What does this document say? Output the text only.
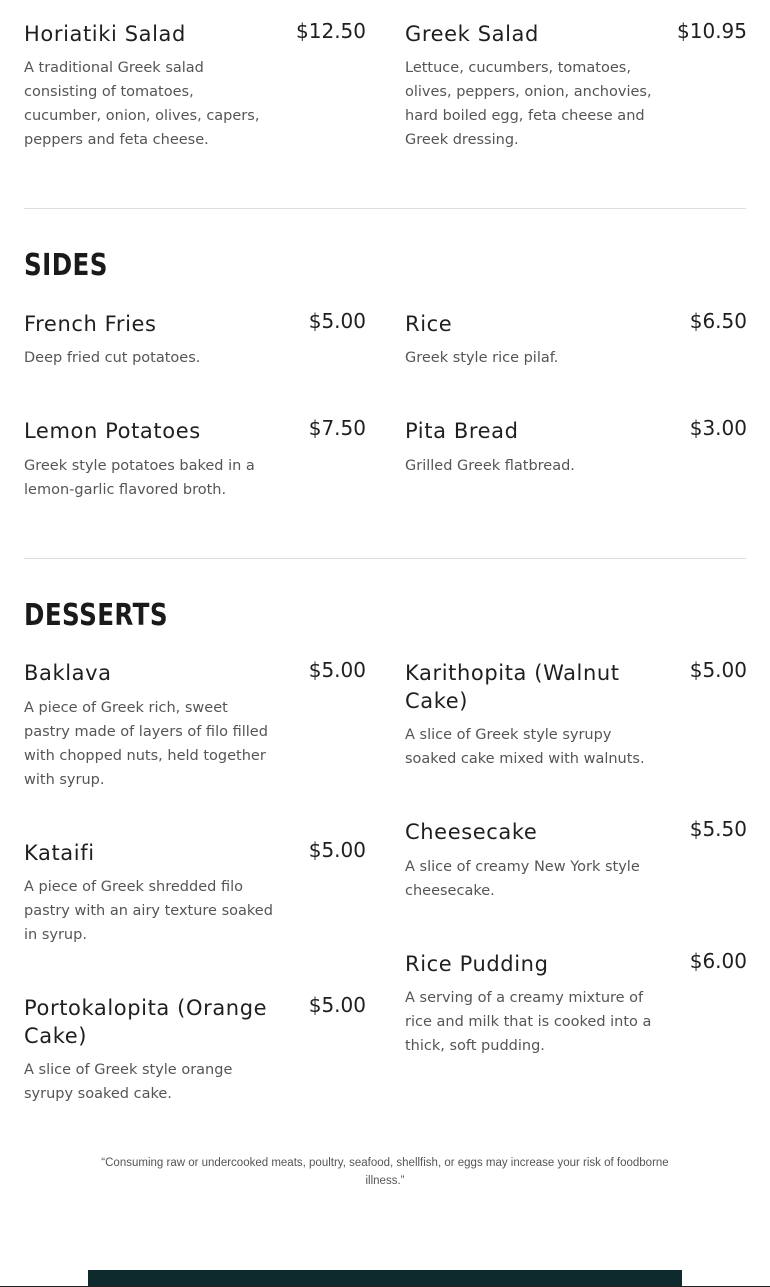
Horiatiki Salad	$12.50
A traditional Greek salad consisting of tomatoes, cucumber, onion, olives, capers, peppers and feta cheese.
Greek Salad	$10.95
Lettuce, cucumbers, tomatoes, olives, peppers, onion, anchovies, hard boiled egg, feta cheese and Greek dressing.
SIDES
French Fries	$5.00
Deep fried cut potatoes.
Rice	$6.50
Greek style rice pilaf.
Lemon Potatoes	$7.50
Greek style potatoes baked in a lemon-garlic flavored broth.
Pita Bread	$3.00
Grilled Greek flatbread.
DESSERTS
Baklava	$5.00
A piece of Greek rich, sweet pastry made of layers of filo filled with chopped nuts, held together with syrup.
Karithopita (Walnut Cake)
$5.00
A slice of Greek style syrupy soaked cake mixed with walnuts.
Kataifi	$5.00
A piece of Greek shredded filo pastry with an airy texture soaked in syrup.
Cheesecake	$5.50
A slice of creamy New York style cheesecake.
Portokalopita (Orange Cake)
$5.00
A slice of Greek style orange syrupy soaked cake.
Rice Pudding	$6.00
A serving of a creamy mixture of rice and milk that is cooked into a thick, soft pudding.
“Consuming raw or undercooked meats, poultry, seafood, shellfish, or eggs may increase your risk of foodborne illness.”
